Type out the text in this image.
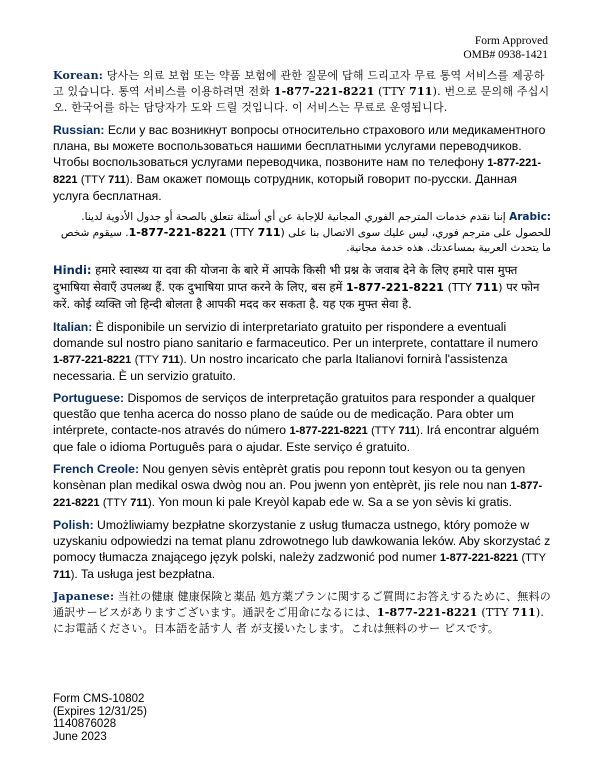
Form Approved
OMB# 0938-1421

Korean: 당사는 의료 보험 또는 약품 보험에 관한 질문에 답해 드리고자 무료 통역 서비스를 제공하고 있습니다. 통역 서비스를 이용하려면 전화 1-877-221-8221 (TTY 711). 번으로 문의해 주십시오. 한국어를 하는 담당자가 도와 드릴 것입니다. 이 서비스는 무료로 운영됩니다.

Russian: Если у вас возникнут вопросы относительно страхового или медикаментного плана, вы можете воспользоваться нашими бесплатными услугами переводчиков. Чтобы воспользоваться услугами переводчика, позвоните нам по телефону 1-877-221-8221 (TTY 711). Вам окажет помощь сотрудник, который говорит по-русски. Данная услуга бесплатная.

Arabic: إننا نقدم خدمات المترجم الفوري المجانية للإجابة عن أي أسئلة تتعلق بالصحة أو جدول الأدوية لدينا. للحصول على مترجم فوري، ليس عليك سوى الاتصال بنا على 1-877-221-8221 (TTY 711). سيقوم شخص ما يتحدث العربية بمساعدتك. هذه خدمة مجانية.

Hindi: हमारे स्वास्थ्य या दवा की योजना के बारे में आपके किसी भी प्रश्न के जवाब देने के लिए हमारे पास मुफ्त दुभाषिया सेवाएँ उपलब्ध हैं. एक दुभाषिया प्राप्त करने के लिए, बस हमें 1-877-221-8221 (TTY 711) पर फोन करें. कोई व्यक्ति जो हिन्दी बोलता है आपकी मदद कर सकता है. यह एक मुफ्त सेवा है.

Italian: È disponibile un servizio di interpretariato gratuito per rispondere a eventuali domande sul nostro piano sanitario e farmaceutico. Per un interprete, contattare il numero 1-877-221-8221 (TTY 711). Un nostro incaricato che parla Italianovi fornirà l'assistenza necessaria. È un servizio gratuito.

Portuguese: Dispomos de serviços de interpretação gratuitos para responder a qualquer questão que tenha acerca do nosso plano de saúde ou de medicação. Para obter um intérprete, contacte-nos através do número 1-877-221-8221 (TTY 711). Irá encontrar alguém que fale o idioma Português para o ajudar. Este serviço é gratuito.

French Creole: Nou genyen sèvis entèprèt gratis pou reponn tout kesyon ou ta genyen konsènan plan medikal oswa dwòg nou an. Pou jwenn yon entèprèt, jis rele nou nan 1-877-221-8221 (TTY 711). Yon moun ki pale Kreyòl kapab ede w. Sa a se yon sèvis ki gratis.

Polish: Umożliwiamy bezpłatne skorzystanie z usług tłumacza ustnego, który pomoże w uzyskaniu odpowiedzi na temat planu zdrowotnego lub dawkowania leków. Aby skorzystać z pomocy tłumacza znającego język polski, należy zadzwonić pod numer 1-877-221-8221 (TTY 711). Ta usługa jest bezpłatna.

Japanese: 当社の健康 健康保険と薬品 処方薬プランに関するご質問にお答えするために、無料の通訳サービスがありますございます。通訳をご用命になるには、1-877-221-8221 (TTY 711). にお電話ください。日本語を話す人 者 が支援いたします。これは無料のサー ビスです。

Form CMS-10802
(Expires 12/31/25)
1140876028
June 2023
